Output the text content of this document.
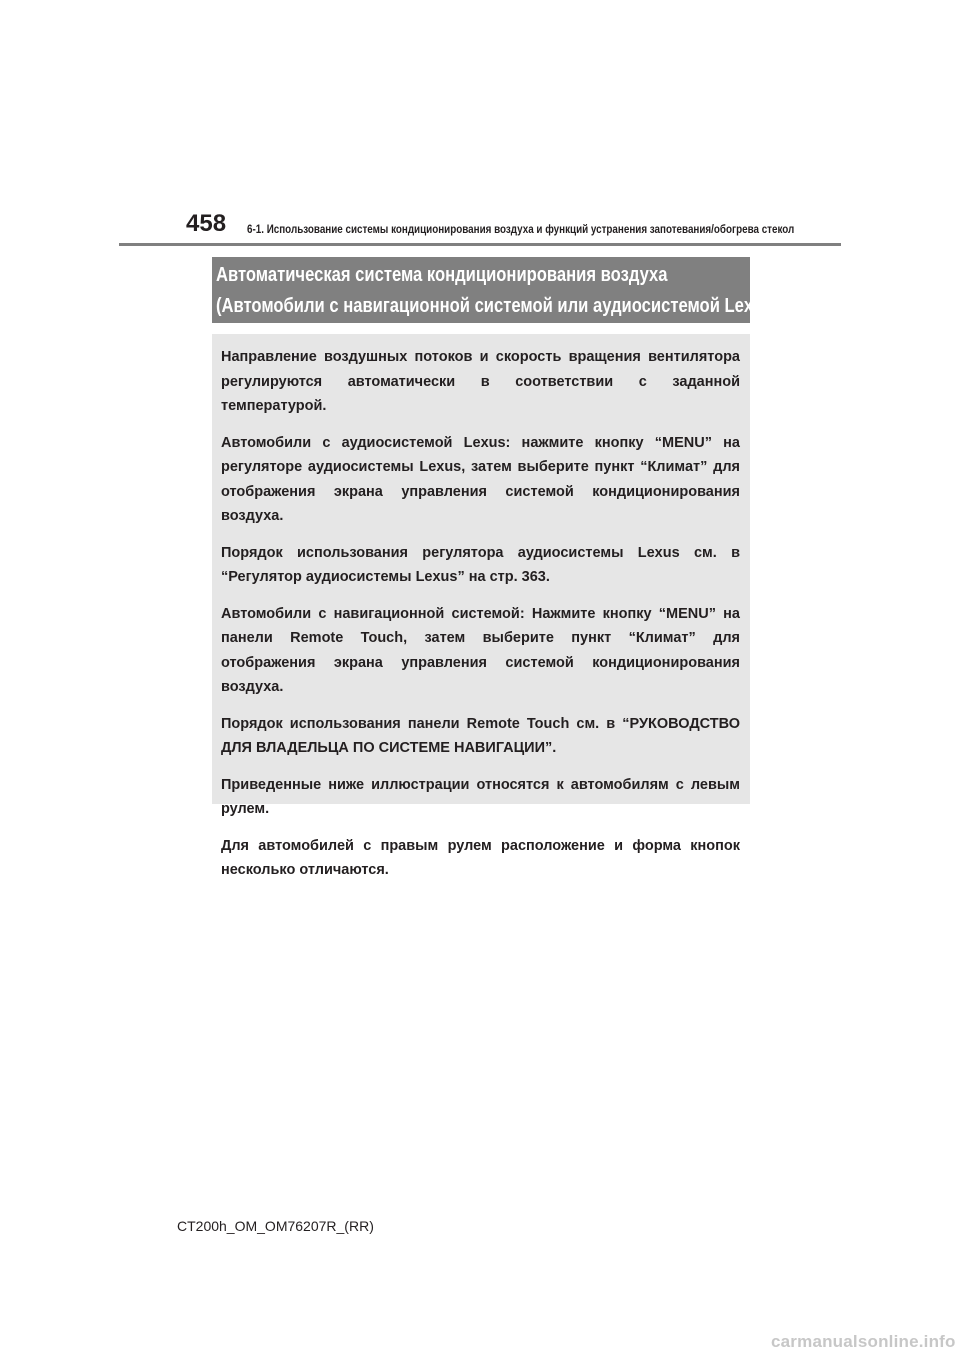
458 6-1. Использование системы кондиционирования воздуха и функций устранения запотевания/обогрева стекол
Автоматическая система кондиционирования воздуха
(Автомобили с навигационной системой или аудиосистемой Lexus)

Направление воздушных потоков и скорость вращения вентилятора регулируются автоматически в соответствии с заданной температурой.

Автомобили с аудиосистемой Lexus: нажмите кнопку “MENU” на регуляторе аудиосистемы Lexus, затем выберите пункт “Климат” для отображения экрана управления системой кондиционирования воздуха.

Порядок использования регулятора аудиосистемы Lexus см. в “Регулятор аудиосистемы Lexus” на стр. 363.

Автомобили с навигационной системой: Нажмите кнопку “MENU” на панели Remote Touch, затем выберите пункт “Климат” для отображения экрана управления системой кондиционирования воздуха.

Порядок использования панели Remote Touch см. в “РУКОВОДСТВО ДЛЯ ВЛАДЕЛЬЦА ПО СИСТЕМЕ НАВИГАЦИИ”.

Приведенные ниже иллюстрации относятся к автомобилям с левым рулем.

Для автомобилей с правым рулем расположение и форма кнопок несколько отличаются.

CT200h_OM_OM76207R_(RR)
carmanualsonline.info
